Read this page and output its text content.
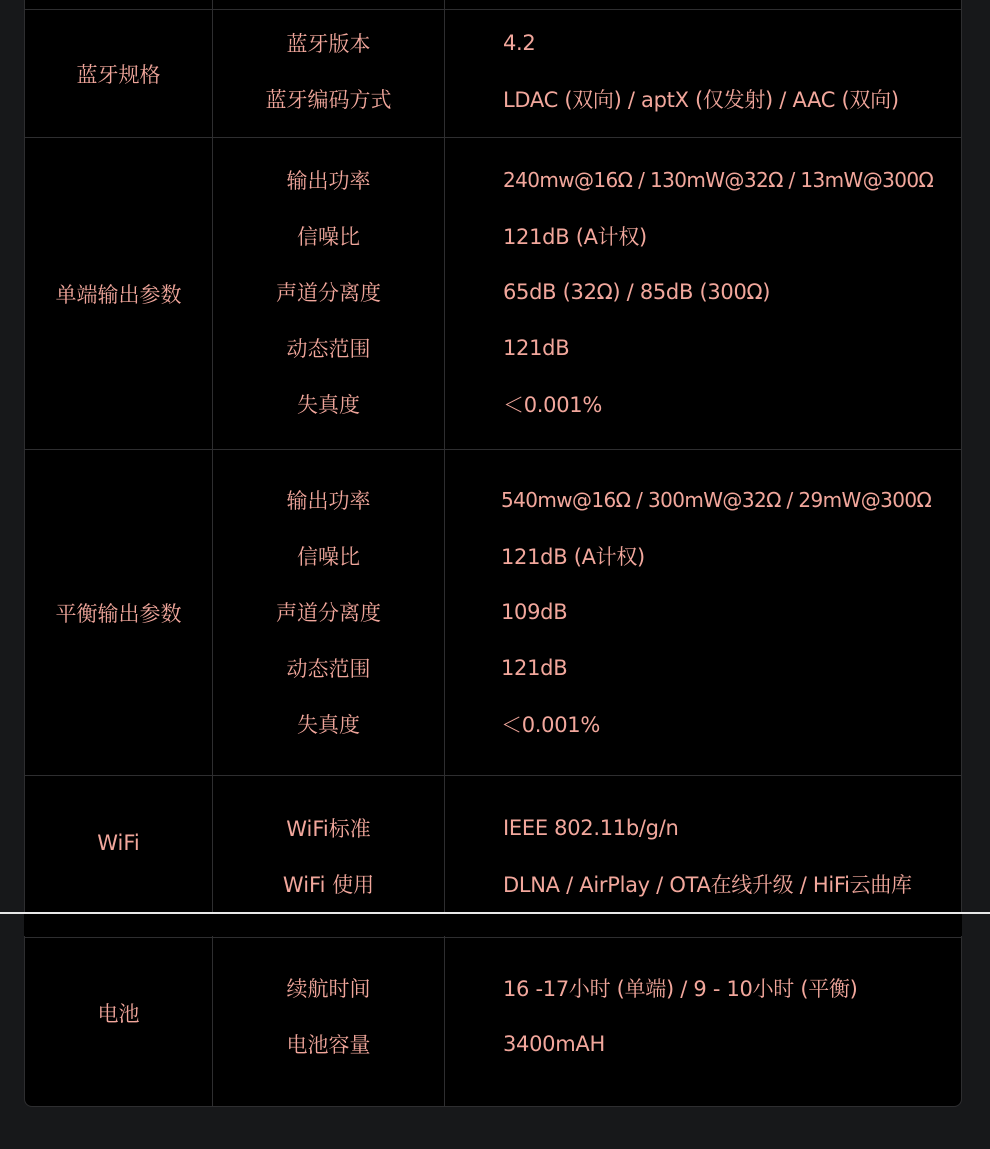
蓝牙规格
蓝牙版本	4.2
蓝牙编码方式	LDAC (双向) / aptX (仅发射) / AAC (双向)
单端输出参数
输出功率	240mw@16Ω / 130mW@32Ω / 13mW@300Ω
信噪比	121dB (A计权)
声道分离度	65dB (32Ω) / 85dB (300Ω)
动态范围	121dB
失真度	＜0.001%
平衡输出参数
输出功率	540mw@16Ω / 300mW@32Ω / 29mW@300Ω
信噪比	121dB (A计权)
声道分离度	109dB
动态范围	121dB
失真度	＜0.001%
WiFi
WiFi标准	IEEE 802.11b/g/n
WiFi 使用	DLNA / AirPlay / OTA在线升级 / HiFi云曲库
电池
续航时间	16 -17小时 (单端) / 9 - 10小时 (平衡)
电池容量	3400mAH
